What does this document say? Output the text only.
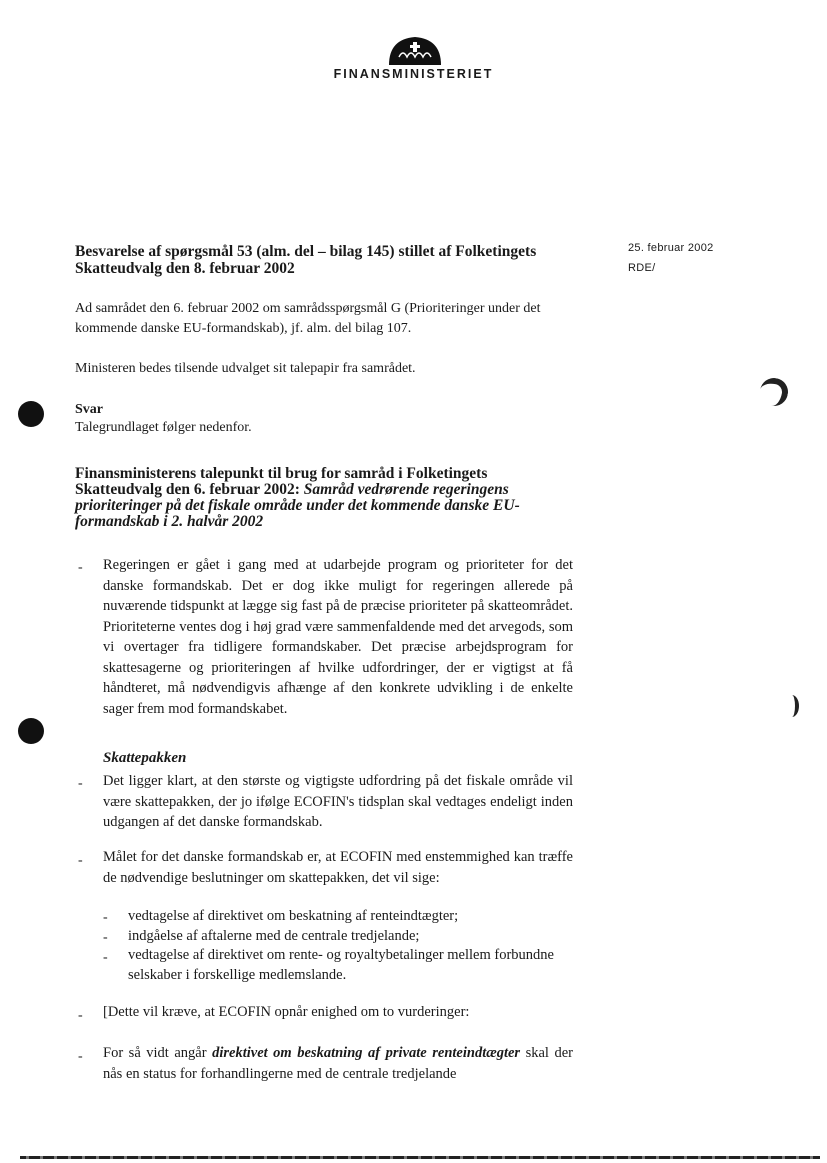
FINANSMINISTERIET
25. februar 2002
RDE/
Besvarelse af spørgsmål 53 (alm. del – bilag 145) stillet af Folketingets Skatteudvalg den 8. februar 2002
Ad samrådet den 6. februar 2002 om samrådsspørgsmål G (Prioriteringer under det kommende danske EU-formandskab), jf. alm. del bilag 107.
Ministeren bedes tilsende udvalget sit talepapir fra samrådet.
Svar
Talegrundlaget følger nedenfor.
Finansministerens talepunkt til brug for samråd i Folketingets Skatteudvalg den 6. februar 2002: Samråd vedrørende regeringens prioriteringer på det fiskale område under det kommende danske EU-formandskab i 2. halvår 2002
- Regeringen er gået i gang med at udarbejde program og prioriteter for det danske formandskab. Det er dog ikke muligt for regeringen allerede på nuværende tidspunkt at lægge sig fast på de præcise prioriteter på skatteområdet. Prioriteterne ventes dog i høj grad være sammenfaldende med det arvegods, som vi overtager fra tidligere formandskaber. Det præcise arbejdsprogram for skattesagerne og prioriteringen af hvilke udfordringer, der er vigtigst at få håndteret, må nødvendigvis afhænge af den konkrete udvikling i de enkelte sager frem mod formandskabet.
Skattepakken
- Det ligger klart, at den største og vigtigste udfordring på det fiskale område vil være skattepakken, der jo ifølge ECOFIN's tidsplan skal vedtages endeligt inden udgangen af det danske formandskab.
- Målet for det danske formandskab er, at ECOFIN med enstemmighed kan træffe de nødvendige beslutninger om skattepakken, det vil sige:
- vedtagelse af direktivet om beskatning af renteindtægter;
- indgåelse af aftalerne med de centrale tredjelande;
- vedtagelse af direktivet om rente- og royaltybetalinger mellem forbundne selskaber i forskellige medlemslande.
- [Dette vil kræve, at ECOFIN opnår enighed om to vurderinger:
- For så vidt angår direktivet om beskatning af private renteindtægter skal der nås en status for forhandlingerne med de centrale tredjelande
